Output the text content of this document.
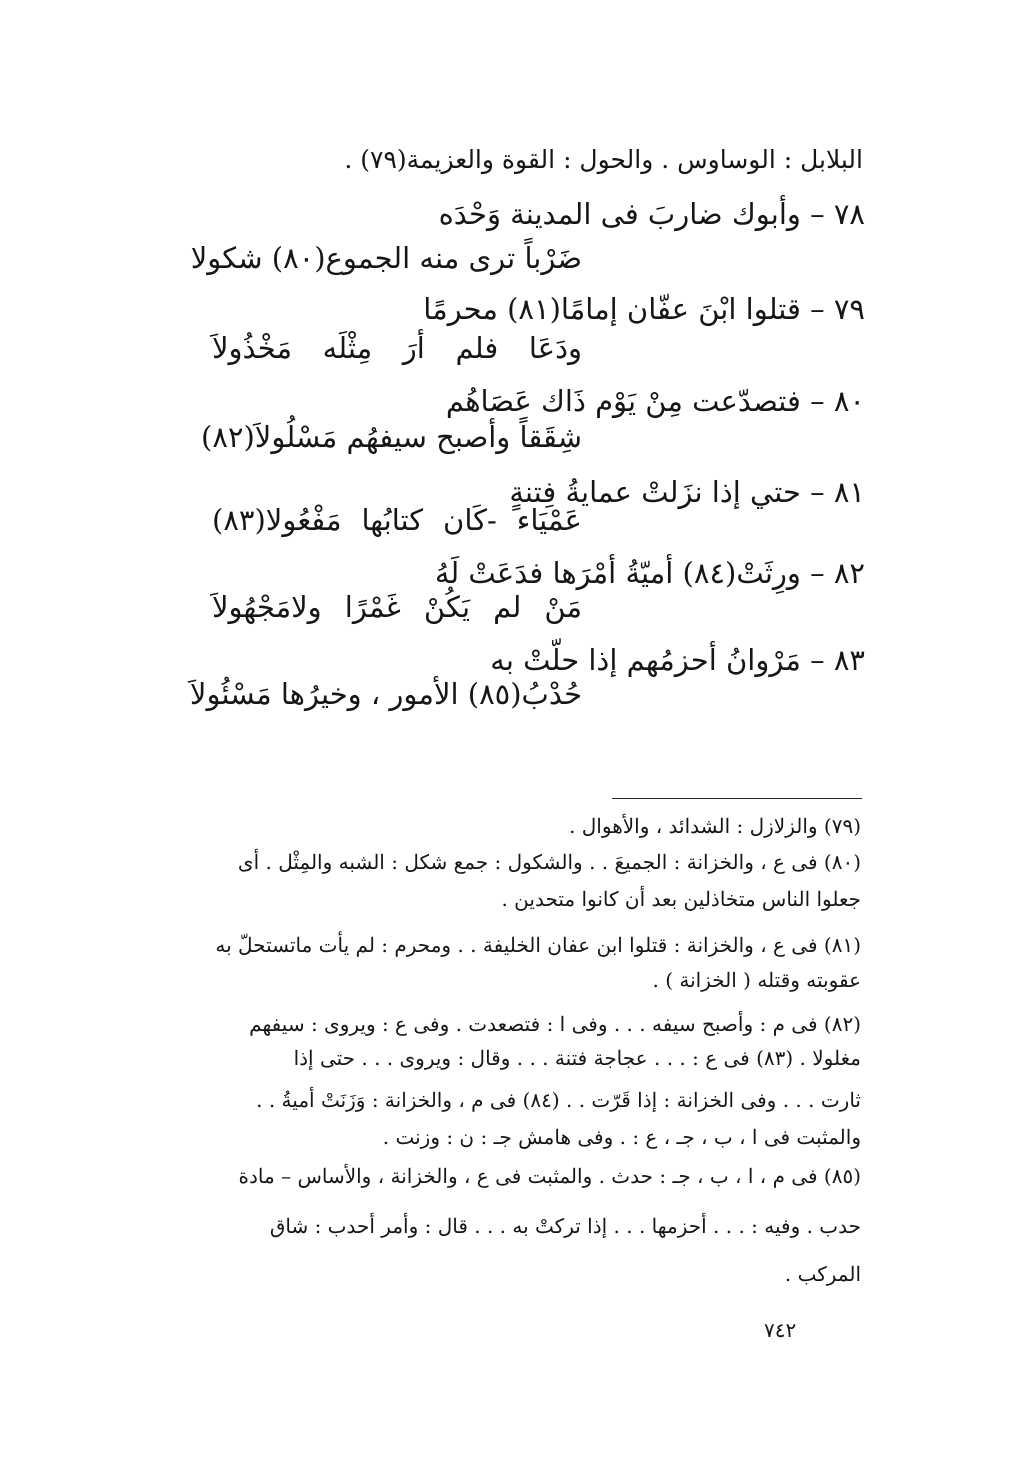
البلابل : الوساوس . والحول : القوة والعزيمة(٧٩) .
٧٨ – وأبوك ضاربَ فى المدينة وَحْدَه
ضَرْباً ترى منه الجموع(٨٠) شكولا
٧٩ – قتلوا ابْنَ عفّان إمامًا(٨١) محرمًا
ودَعَا فلم أرَ مِثْلَه مَخْذُولاَ
٨٠ – فتصدّعت مِنْ يَوْم ذَاك عَصَاهُم
شِقَقاً وأصبح سيفهُم مَسْلُولاَ(٨٢)
٨١ – حتي إذا نزَلتْ عمايةُ فِتنةٍ
عَمْيَاء -كَان كتابُها مَفْعُولا(٨٣)
٨٢ – ورِثَتْ(٨٤) أميّةُ أمْرَها فدَعَتْ لَهُ
مَنْ لم يَكُنْ غَمْرًا ولامَجْهُولاَ
٨٣ – مَرْوانُ أحزمُهم إذا حلّتْ به
حُدْبُ(٨٥) الأمور ، وخيرُها مَسْئُولاَ
(٧٩) والزلازل : الشدائد ، والأهوال .
(٨٠) فى ع ، والخزانة : الجميعَ . . والشكول : جمع شكل : الشبه والمِثْل . أى
جعلوا الناس متخاذلين بعد أن كانوا متحدين .
(٨١) فى ع ، والخزانة : قتلوا ابن عفان الخليفة . . ومحرم : لم يأت ماتستحلّ به
عقوبته وقتله ( الخزانة ) .
(٨٢) فى م : وأصبح سيفه . . . وفى ا : فتصعدت . وفى ع : ويروى : سيفهم
مغلولا . (٨٣) فى ع : . . . عجاجة فتنة . . . وقال : ويروى . . . حتى إذا
ثارت . . . وفى الخزانة : إذا قَرّت . . (٨٤) فى م ، والخزانة : وَزَنَتْ أميةُ . .
والمثبت فى ا ، ب ، جـ ، ع : . وفى هامش جـ : ن : وزنت .
(٨٥) فى م ، ا ، ب ، جـ : حدث . والمثبت فى ع ، والخزانة ، والأساس – مادة
حدب . وفيه : . . . أحزمها . . . إذا تركتْ به . . . قال : وأمر أحدب : شاق
المركب .
٧٤٢
